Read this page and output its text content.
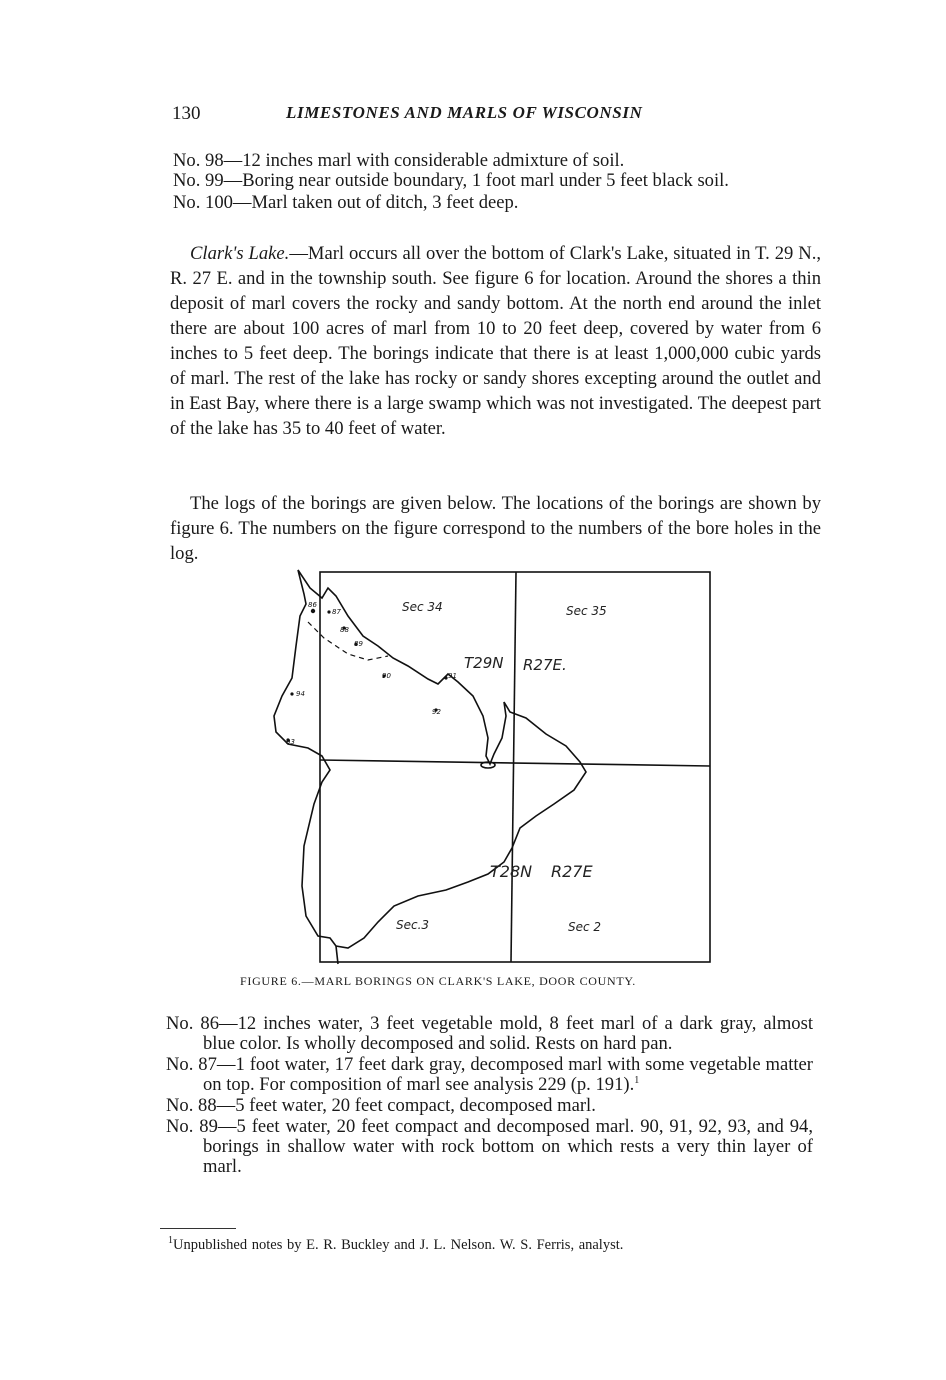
130	LIMESTONES AND MARLS OF WISCONSIN

No. 98—12 inches marl with considerable admixture of soil.

No. 99—Boring near outside boundary, 1 foot marl under 5 feet black soil.

No. 100—Marl taken out of ditch, 3 feet deep.

Clark's Lake.—Marl occurs all over the bottom of Clark's Lake, situated in T. 29 N., R. 27 E. and in the township south. See figure 6 for location. Around the shores a thin deposit of marl covers the rocky and sandy bottom. At the north end around the inlet there are about 100 acres of marl from 10 to 20 feet deep, covered by water from 6 inches to 5 feet deep. The borings indicate that there is at least 1,000,000 cubic yards of marl. The rest of the lake has rocky or sandy shores excepting around the outlet and in East Bay, where there is a large swamp which was not investigated. The deepest part of the lake has 35 to 40 feet of water.

The logs of the borings are given below. The locations of the borings are shown by figure 6. The numbers on the figure correspond to the numbers of the bore holes in the log.

86
87
88
89
90	91
92
93
94
Sec 34	Sec 35
T29N R27E.
T28N R27E
Sec.3	Sec 2
FIGURE 6.—MARL BORINGS ON CLARK'S LAKE, DOOR COUNTY.

No. 86—12 inches water, 3 feet vegetable mold, 8 feet marl of a dark gray, almost blue color. Is wholly decomposed and solid. Rests on hard pan.

No. 87—1 foot water, 17 feet dark gray, decomposed marl with some vegetable matter on top. For composition of marl see analysis 229 (p. 191).$^1$

No. 88—5 feet water, 20 feet compact, decomposed marl.

No. 89—5 feet water, 20 feet compact and decomposed marl. 90, 91, 92, 93, and 94, borings in shallow water with rock bottom on which rests a very thin layer of marl.

$^1$Unpublished notes by E. R. Buckley and J. L. Nelson. W. S. Ferris, analyst.
